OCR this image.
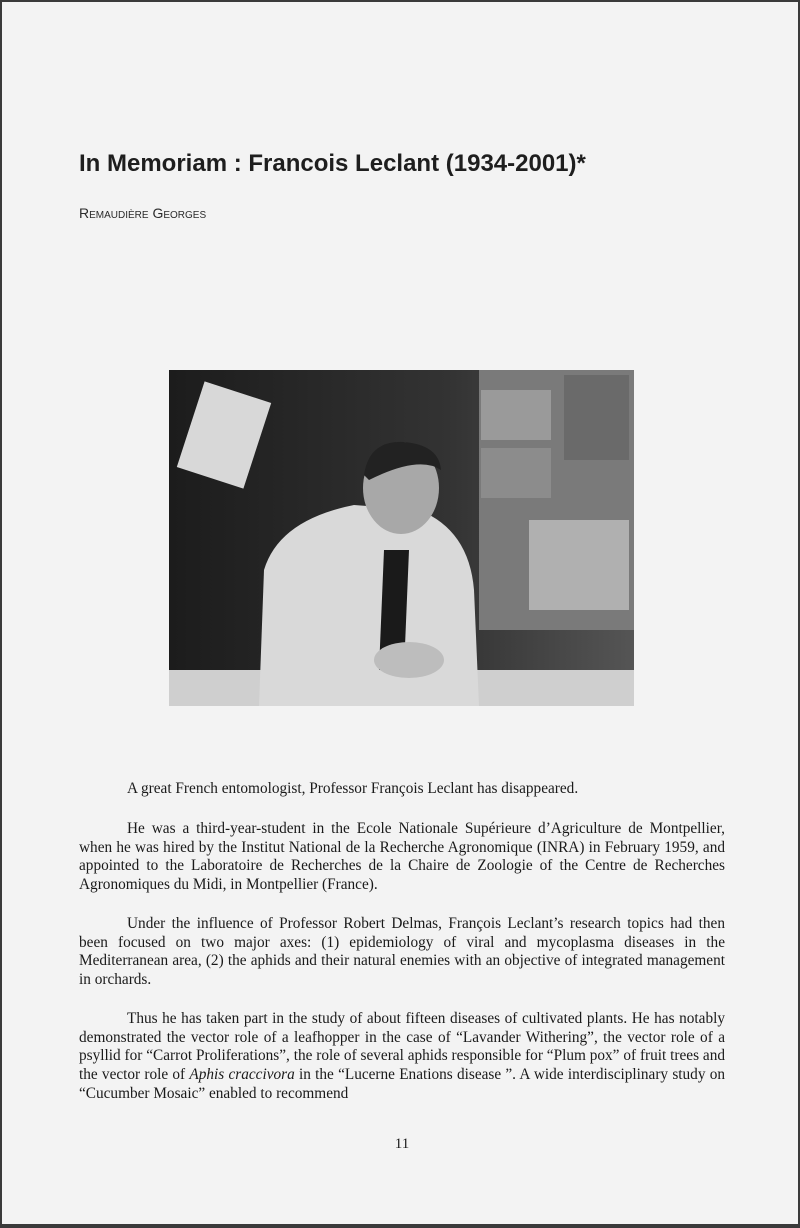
In Memoriam : Francois Leclant (1934-2001)*
Remaudière Georges

A great French entomologist, Professor François Leclant has disappeared.

He was a third-year-student in the Ecole Nationale Supérieure d’Agriculture de Montpellier, when he was hired by the Institut National de la Recherche Agronomique (INRA) in February 1959, and appointed to the Laboratoire de Recherches de la Chaire de Zoologie of the Centre de Recherches Agronomiques du Midi, in Montpellier (France).

Under the influence of Professor Robert Delmas, François Leclant’s research topics had then been focused on two major axes: (1) epidemiology of viral and mycoplasma diseases in the Mediterranean area, (2) the aphids and their natural enemies with an objective of integrated management in orchards.

Thus he has taken part in the study of about fifteen diseases of cultivated plants. He has notably demonstrated the vector role of a leafhopper in the case of “Lavander Withering”, the vector role of a psyllid for “Carrot Proliferations”, the role of several aphids responsible for “Plum pox” of fruit trees and the vector role of Aphis craccivora in the “Lucerne Enations disease ”. A wide interdisciplinary study on “Cucumber Mosaic” enabled to recommend

11
